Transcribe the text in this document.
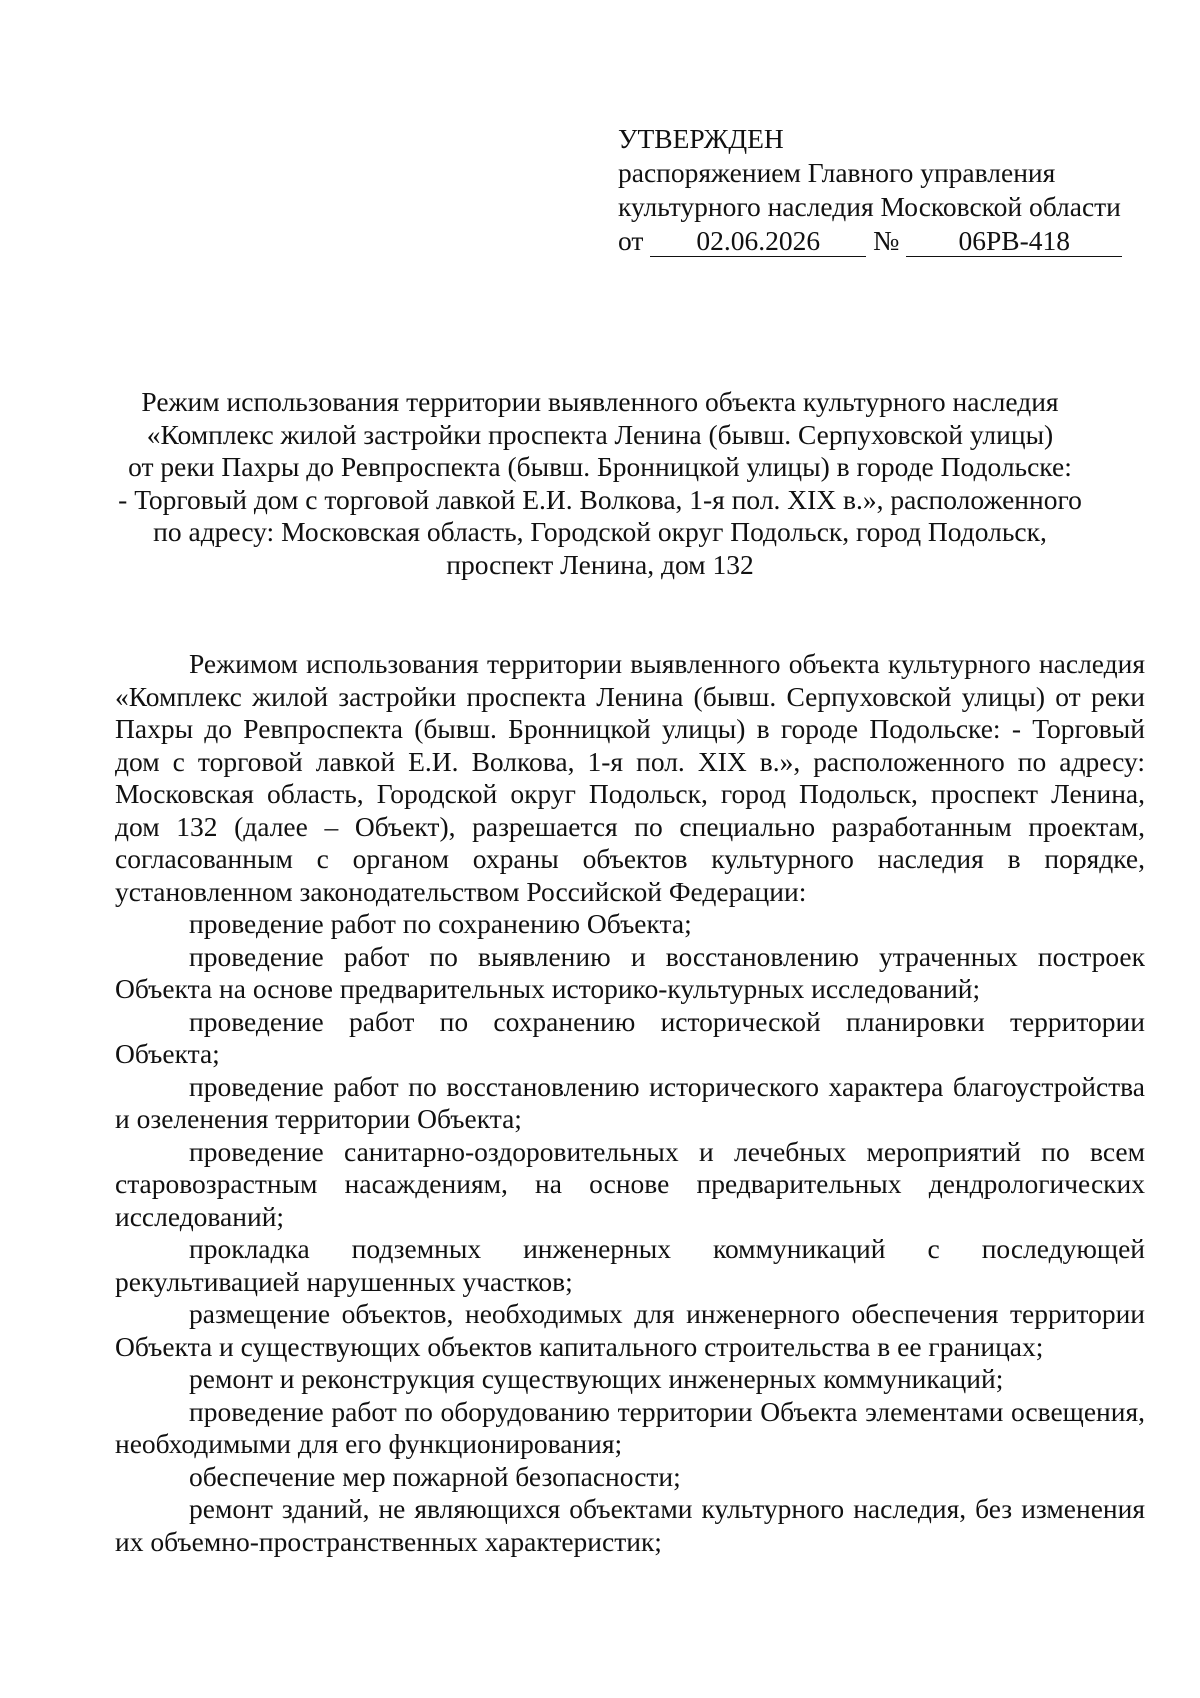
УТВЕРЖДЕН
распоряжением Главного управления
культурного наследия Московской области
от 02.06.2026 № 06РВ-418
Режим использования территории выявленного объекта культурного наследия
«Комплекс жилой застройки проспекта Ленина (бывш. Серпуховской улицы)
от реки Пахры до Ревпроспекта (бывш. Бронницкой улицы) в городе Подольске:
- Торговый дом с торговой лавкой Е.И. Волкова, 1-я пол. XIX в.», расположенного
по адресу: Московская область, Городской округ Подольск, город Подольск,
проспект Ленина, дом 132

Режимом использования территории выявленного объекта культурного наследия «Комплекс жилой застройки проспекта Ленина (бывш. Серпуховской улицы) от реки Пахры до Ревпроспекта (бывш. Бронницкой улицы) в городе Подольске: - Торговый дом с торговой лавкой Е.И. Волкова, 1-я пол. XIX в.», расположенного по адресу: Московская область, Городской округ Подольск, город Подольск, проспект Ленина, дом 132 (далее – Объект), разрешается по специально разработанным проектам, согласованным с органом охраны объектов культурного наследия в порядке, установленном законодательством Российской Федерации:

проведение работ по сохранению Объекта;

проведение работ по выявлению и восстановлению утраченных построек Объекта на основе предварительных историко-культурных исследований;

проведение работ по сохранению исторической планировки территории Объекта;

проведение работ по восстановлению исторического характера благоустройства и озеленения территории Объекта;

проведение санитарно-оздоровительных и лечебных мероприятий по всем старовозрастным насаждениям, на основе предварительных дендрологических исследований;

прокладка подземных инженерных коммуникаций с последующей рекультивацией нарушенных участков;

размещение объектов, необходимых для инженерного обеспечения территории Объекта и существующих объектов капитального строительства в ее границах;

ремонт и реконструкция существующих инженерных коммуникаций;

проведение работ по оборудованию территории Объекта элементами освещения, необходимыми для его функционирования;

обеспечение мер пожарной безопасности;

ремонт зданий, не являющихся объектами культурного наследия, без изменения их объемно-пространственных характеристик;
